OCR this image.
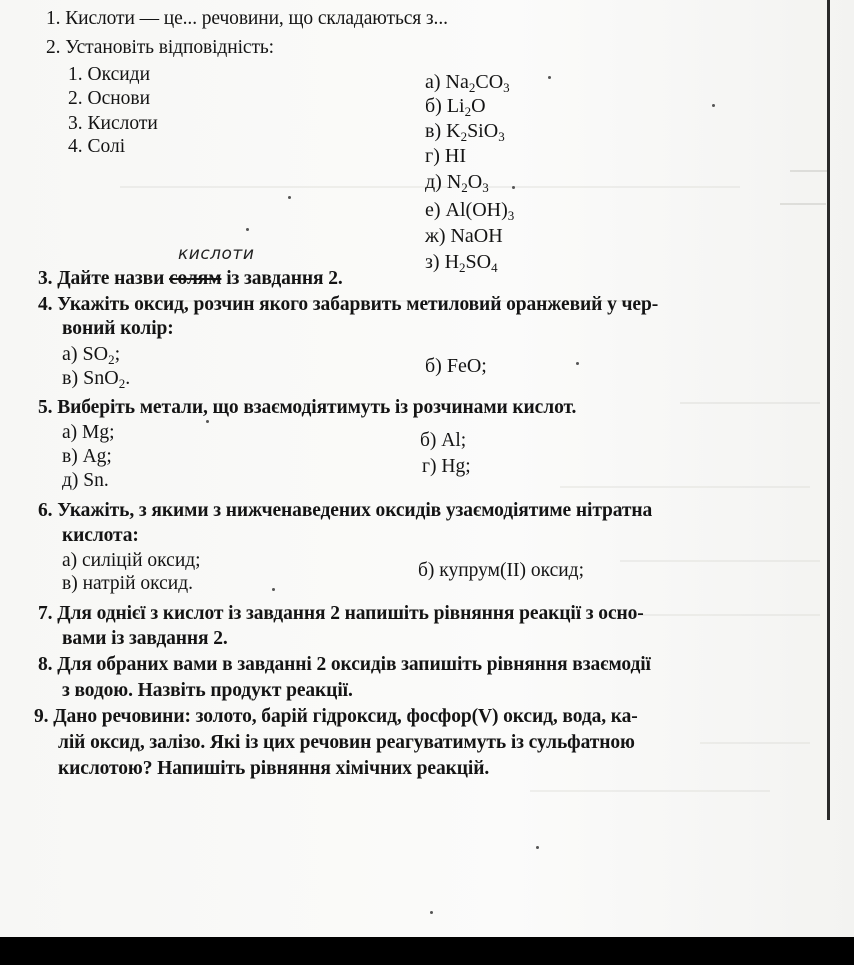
1. Кислоти — це... речовини, що складаються з...
2. Установіть відповідність:
1. Оксиди
2. Основи
3. Кислоти
4. Солі
а) $Na_2CO_3$
б) $Li_2O$
в) $K_2SiO_3$
г) HI
д) $N_2O_3$
е) $Al(OH)_3$
ж) NaOH
з) $H_2SO_4$
кислоти
3. Дайте назви солям із завдання 2.
4. Укажіть оксид, розчин якого забарвить метиловий оранжевий у чер-
воний колір:
а) $SO_2$;
б) FeO;
в) SnO$_2$.
5. Виберіть метали, що взаємодіятимуть із розчинами кислот.
а) Mg;	б) Al;
в) Ag;	г) Hg;
д) Sn.
6. Укажіть, з якими з нижченаведених оксидів узаємодіятиме нітратна
кислота:
а) силіцій оксид;	б) купрум(ІІ) оксид;
в) натрій оксид.
7. Для однієї з кислот із завдання 2 напишіть рівняння реакції з осно-
вами із завдання 2.
8. Для обраних вами в завданні 2 оксидів запишіть рівняння взаємодії
з водою. Назвіть продукт реакції.
9. Дано речовини: золото, барій гідроксид, фосфор(V) оксид, вода, ка-
лій оксид, залізо. Які із цих речовин реагуватимуть із сульфатною
кислотою? Напишіть рівняння хімічних реакцій.
